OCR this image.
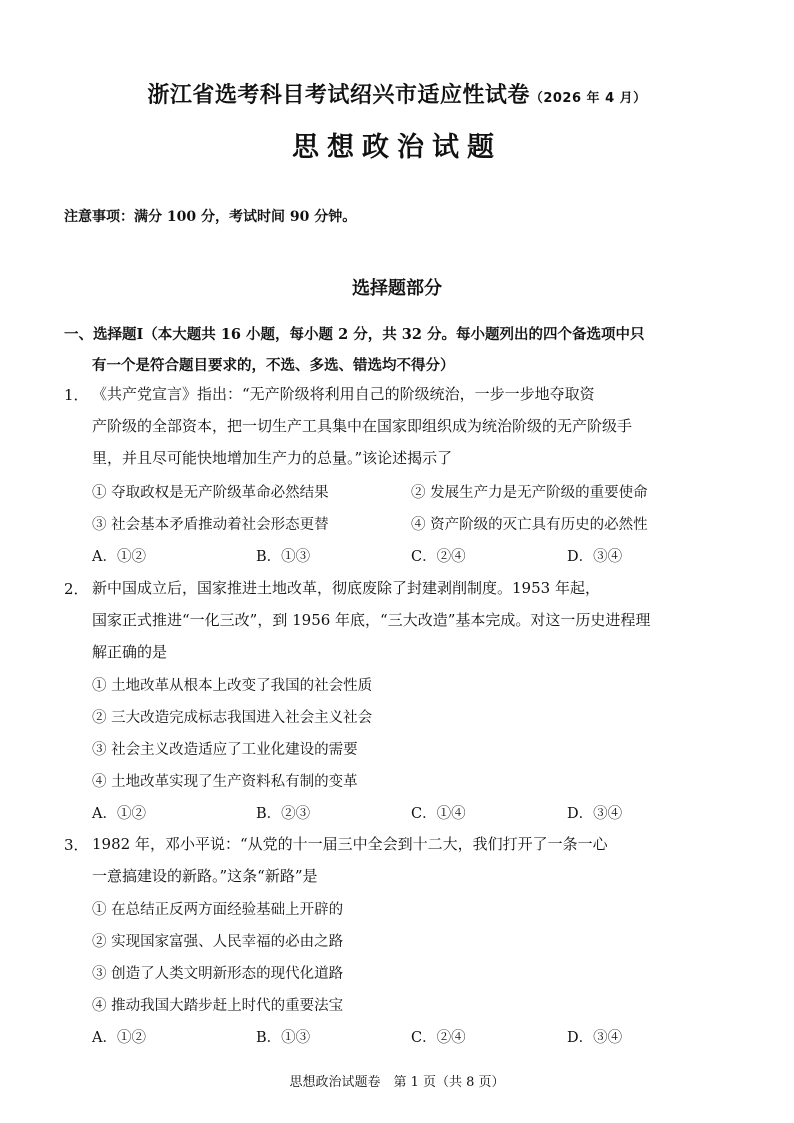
浙江省选考科目考试绍兴市适应性试卷（2026 年 4 月）
思想政治试题
注意事项：满分 100 分，考试时间 90 分钟。
选择题部分
一、选择题Ⅰ（本大题共 16 小题，每小题 2 分，共 32 分。每小题列出的四个备选项中只
有一个是符合题目要求的，不选、多选、错选均不得分）
1． 《共产党宣言》指出：“无产阶级将利用自己的阶级统治，一步一步地夺取资
产阶级的全部资本，把一切生产工具集中在国家即组织成为统治阶级的无产阶级手
里，并且尽可能快地增加生产力的总量。”该论述揭示了
① 夺取政权是无产阶级革命必然结果	② 发展生产力是无产阶级的重要使命
③ 社会基本矛盾推动着社会形态更替	④ 资产阶级的灭亡具有历史的必然性
A．①②	B．①③	C．②④	D．③④
2． 新中国成立后，国家推进土地改革，彻底废除了封建剥削制度。1953 年起，
国家正式推进“一化三改”，到 1956 年底，“三大改造”基本完成。对这一历史进程理
解正确的是
① 土地改革从根本上改变了我国的社会性质
② 三大改造完成标志我国进入社会主义社会
③ 社会主义改造适应了工业化建设的需要
④ 土地改革实现了生产资料私有制的变革
A．①②	B．②③	C．①④	D．③④
3． 1982 年，邓小平说：“从党的十一届三中全会到十二大，我们打开了一条一心
一意搞建设的新路。”这条“新路”是
① 在总结正反两方面经验基础上开辟的
② 实现国家富强、人民幸福的必由之路
③ 创造了人类文明新形态的现代化道路
④ 推动我国大踏步赶上时代的重要法宝
A．①②	B．①③	C．②④	D．③④
思想政治试题卷　第 1 页（共 8 页）
